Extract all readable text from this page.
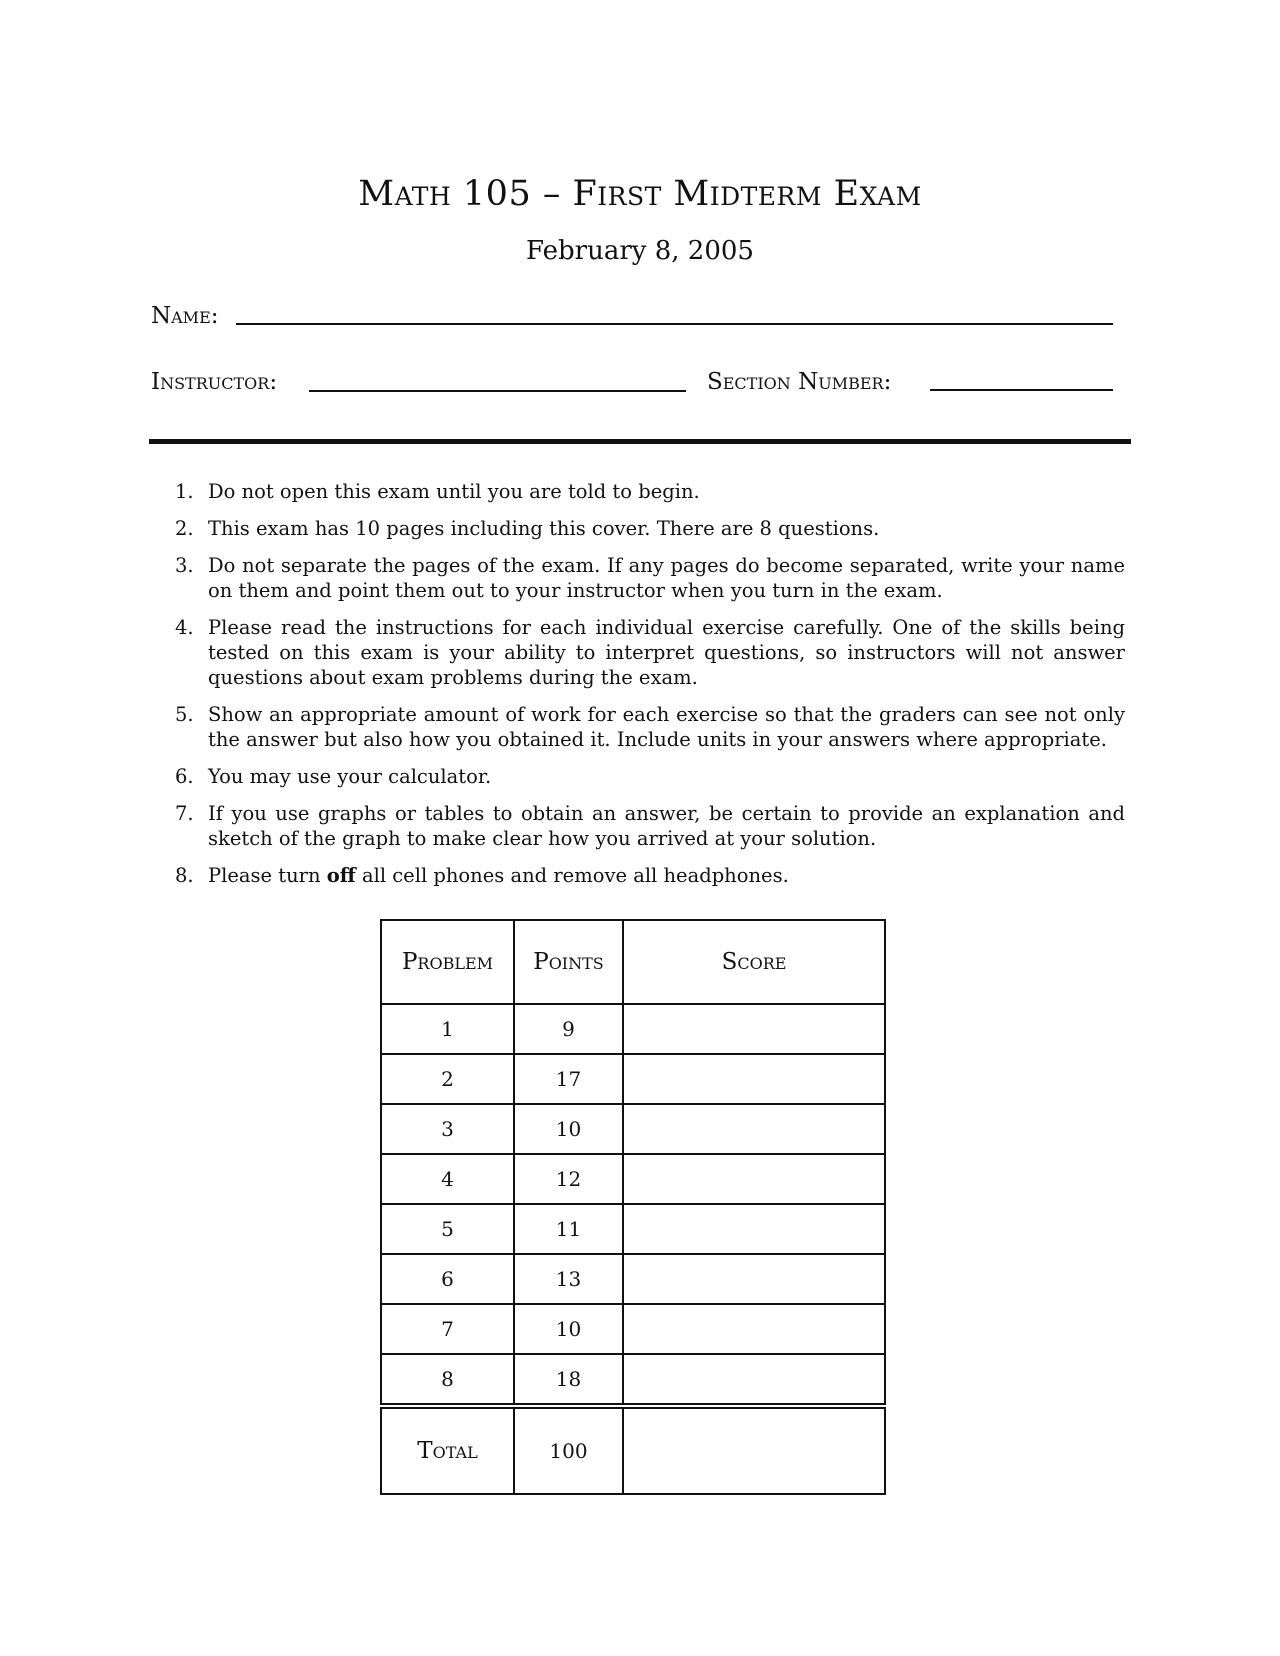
Math 105 – First Midterm Exam
February 8, 2005
Name:
Instructor:	Section Number:
1. Do not open this exam until you are told to begin.
2. This exam has 10 pages including this cover. There are 8 questions.
3. Do not separate the pages of the exam. If any pages do become separated, write your name on them and point them out to your instructor when you turn in the exam.
4. Please read the instructions for each individual exercise carefully. One of the skills being tested on this exam is your ability to interpret questions, so instructors will not answer questions about exam problems during the exam.
5. Show an appropriate amount of work for each exercise so that the graders can see not only the answer but also how you obtained it. Include units in your answers where appropriate.
6. You may use your calculator.
7. If you use graphs or tables to obtain an answer, be certain to provide an explanation and sketch of the graph to make clear how you arrived at your solution.
8. Please turn off all cell phones and remove all headphones.
Problem	Points	Score
1	9	
2	17	
3	10	
4	12	
5	11	
6	13	
7	10	
8	18	
Total	100	
